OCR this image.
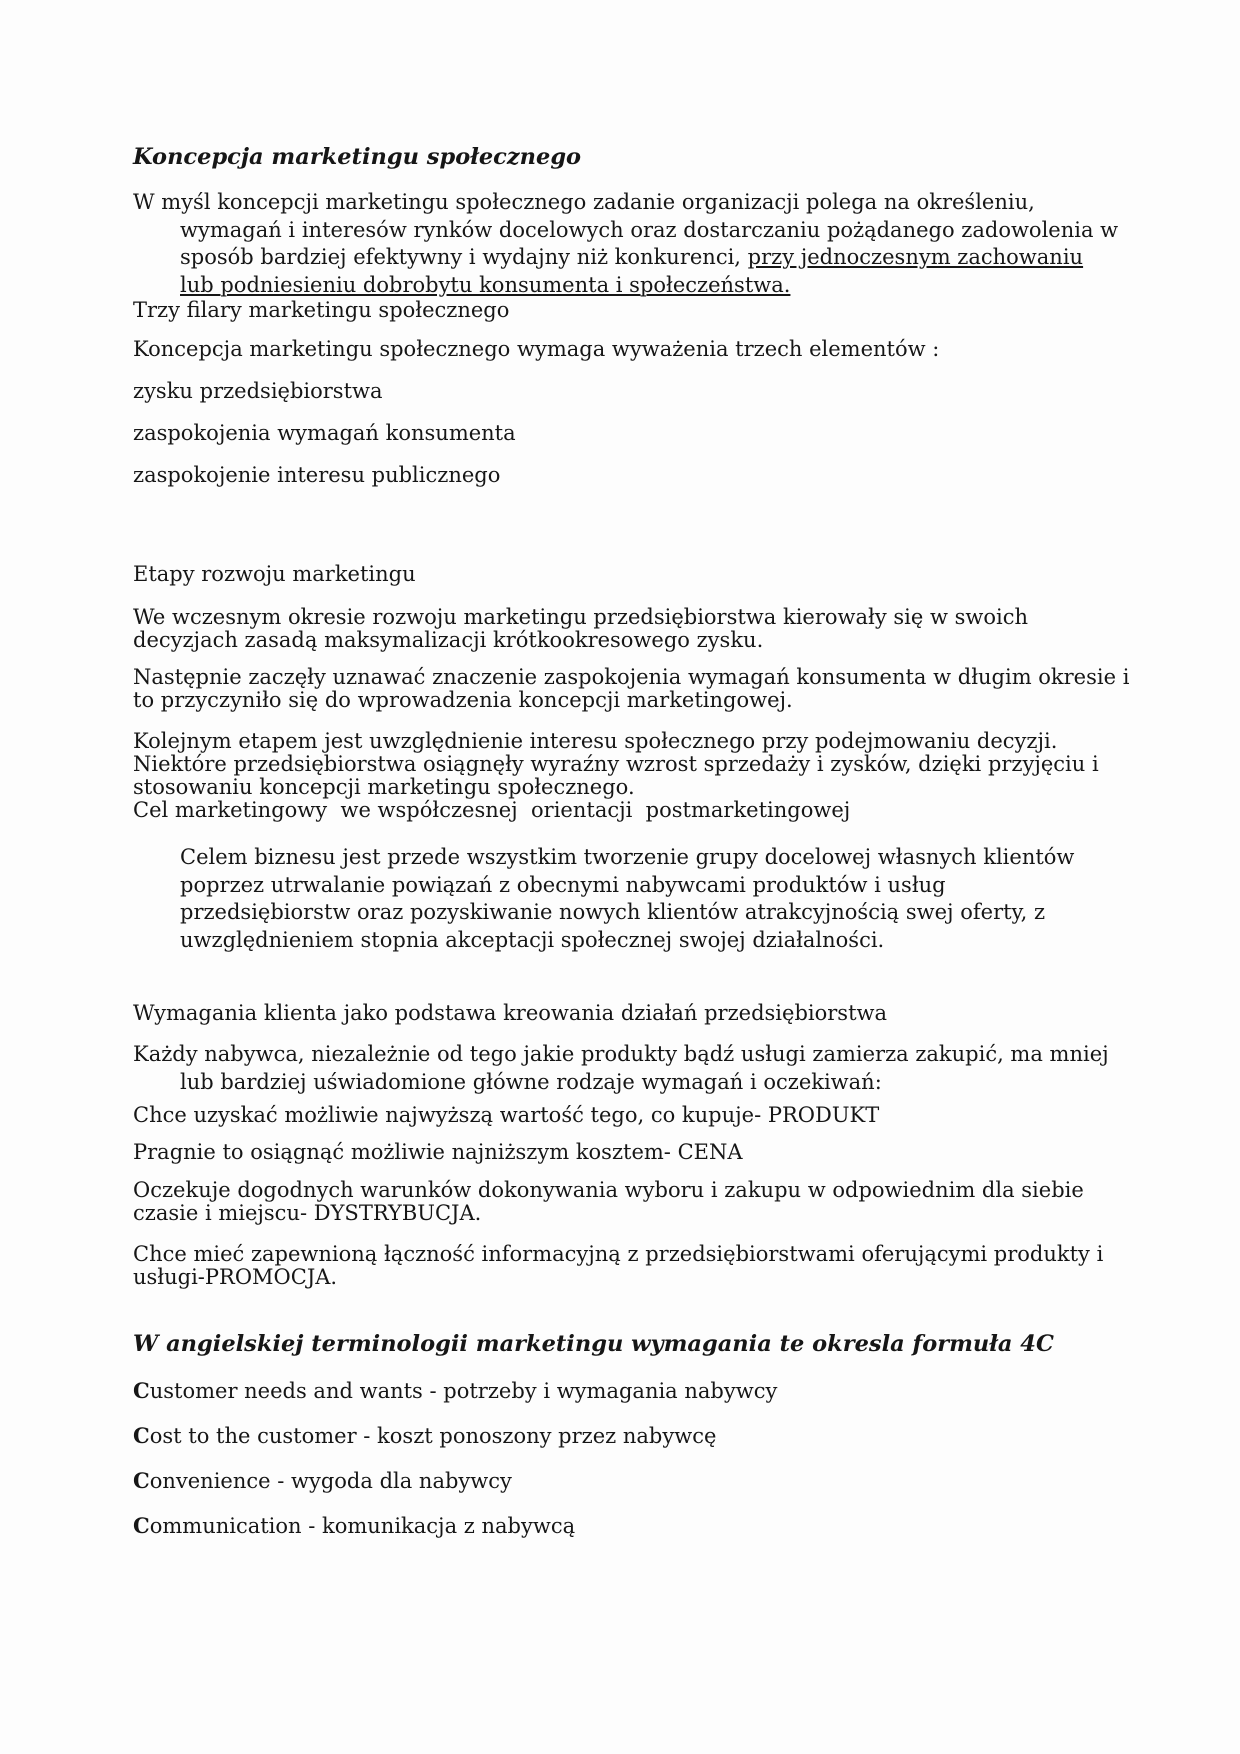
Koncepcja marketingu społecznego

W myśl koncepcji marketingu społecznego zadanie organizacji polega na określeniu,
wymagań i interesów rynków docelowych oraz dostarczaniu pożądanego zadowolenia w
sposób bardziej efektywny i wydajny niż konkurenci, przy jednoczesnym zachowaniu
lub podniesieniu dobrobytu konsumenta i społeczeństwa.

Trzy filary marketingu społecznego

Koncepcja marketingu społecznego wymaga wyważenia trzech elementów :

zysku przedsiębiorstwa

zaspokojenia wymagań konsumenta

zaspokojenie interesu publicznego

Etapy rozwoju marketingu

We wczesnym okresie rozwoju marketingu przedsiębiorstwa kierowały się w swoich
decyzjach zasadą maksymalizacji krótkookresowego zysku.

Następnie zaczęły uznawać znaczenie zaspokojenia wymagań konsumenta w długim okresie i
to przyczyniło się do wprowadzenia koncepcji marketingowej.

Kolejnym etapem jest uwzględnienie interesu społecznego przy podejmowaniu decyzji.
Niektóre przedsiębiorstwa osiągnęły wyraźny wzrost sprzedaży i zysków, dzięki przyjęciu i
stosowaniu koncepcji marketingu społecznego.
Cel marketingowy  we współczesnej  orientacji  postmarketingowej

Celem biznesu jest przede wszystkim tworzenie grupy docelowej własnych klientów
poprzez utrwalanie powiązań z obecnymi nabywcami produktów i usług
przedsiębiorstw oraz pozyskiwanie nowych klientów atrakcyjnością swej oferty, z
uwzględnieniem stopnia akceptacji społecznej swojej działalności.

Wymagania klienta jako podstawa kreowania działań przedsiębiorstwa

Każdy nabywca, niezależnie od tego jakie produkty bądź usługi zamierza zakupić, ma mniej
lub bardziej uświadomione główne rodzaje wymagań i oczekiwań:

Chce uzyskać możliwie najwyższą wartość tego, co kupuje- PRODUKT

Pragnie to osiągnąć możliwie najniższym kosztem- CENA

Oczekuje dogodnych warunków dokonywania wyboru i zakupu w odpowiednim dla siebie
czasie i miejscu- DYSTRYBUCJA.

Chce mieć zapewnioną łączność informacyjną z przedsiębiorstwami oferującymi produkty i
usługi-PROMOCJA.

W angielskiej terminologii marketingu wymagania te okresla formuła 4C

Customer needs and wants - potrzeby i wymagania nabywcy

Cost to the customer - koszt ponoszony przez nabywcę

Convenience - wygoda dla nabywcy

Communication - komunikacja z nabywcą
